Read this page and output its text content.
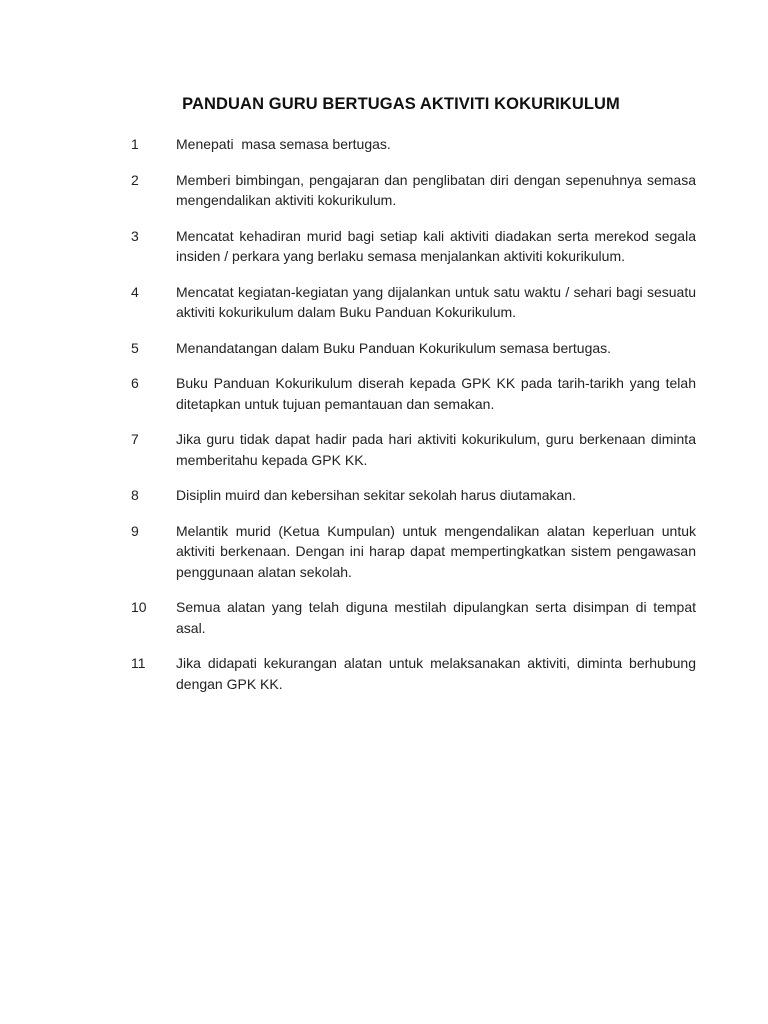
PANDUAN GURU BERTUGAS AKTIVITI KOKURIKULUM
1	Menepati  masa semasa bertugas.
2	Memberi bimbingan, pengajaran dan penglibatan diri dengan sepenuhnya semasa mengendalikan aktiviti kokurikulum.
3	Mencatat kehadiran murid bagi setiap kali aktiviti diadakan serta merekod segala insiden / perkara yang berlaku semasa menjalankan aktiviti kokurikulum.
4	Mencatat kegiatan-kegiatan yang dijalankan untuk satu waktu / sehari bagi sesuatu aktiviti kokurikulum dalam Buku Panduan Kokurikulum.
5	Menandatangan dalam Buku Panduan Kokurikulum semasa bertugas.
6	Buku Panduan Kokurikulum diserah kepada GPK KK pada tarih-tarikh yang telah ditetapkan untuk tujuan pemantauan dan semakan.
7	Jika guru tidak dapat hadir pada hari aktiviti kokurikulum, guru berkenaan diminta memberitahu kepada GPK KK.
8	Disiplin muird dan kebersihan sekitar sekolah harus diutamakan.
9	Melantik murid (Ketua Kumpulan) untuk mengendalikan alatan keperluan untuk aktiviti berkenaan. Dengan ini harap dapat mempertingkatkan sistem pengawasan penggunaan alatan sekolah.
10	Semua alatan yang telah diguna mestilah dipulangkan serta disimpan di tempat asal.
11	Jika didapati kekurangan alatan untuk melaksanakan aktiviti, diminta berhubung dengan GPK KK.
